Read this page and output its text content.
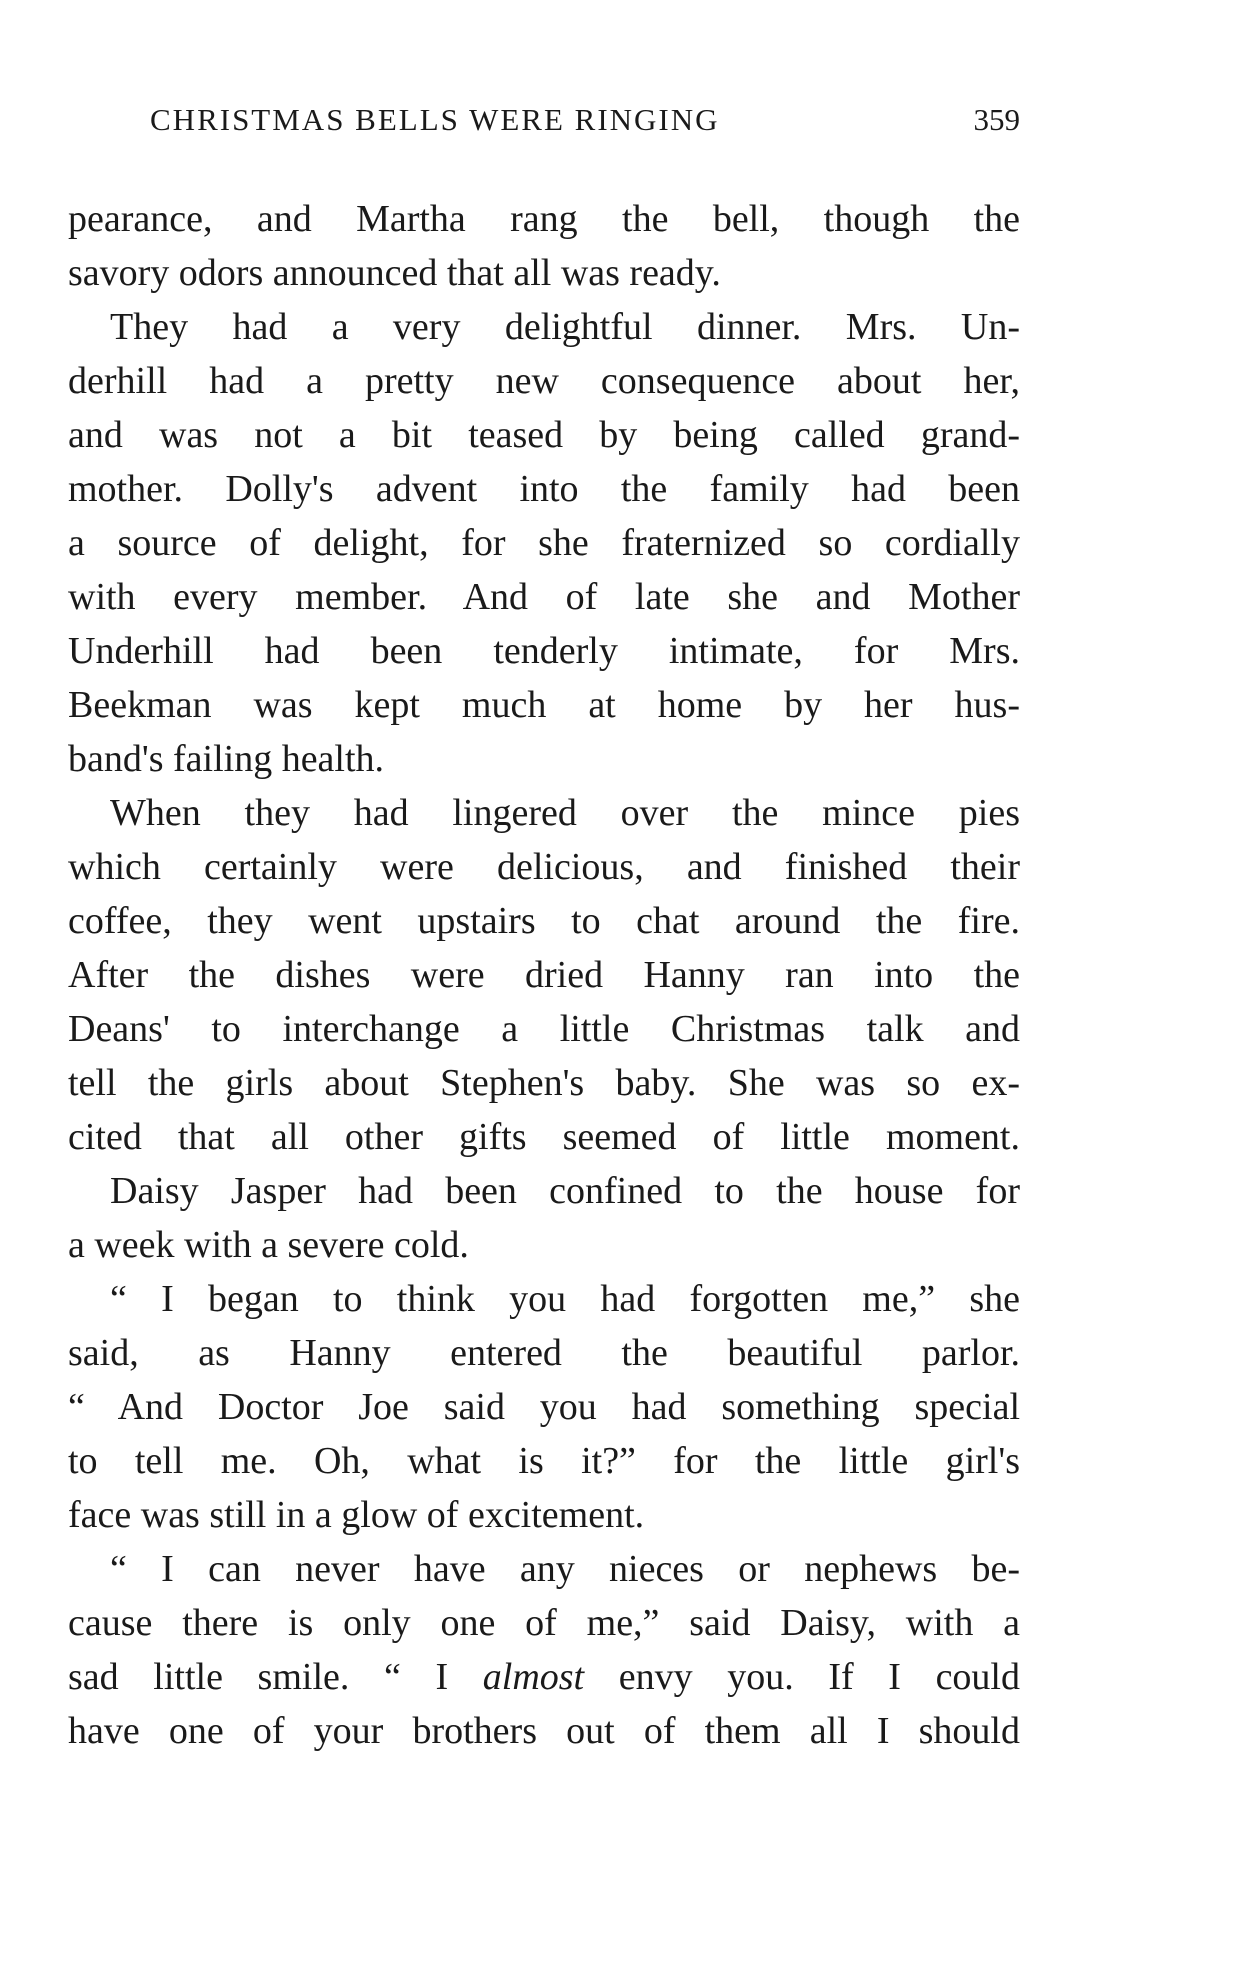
CHRISTMAS BELLS WERE RINGING	359
pearance, and Martha rang the bell, though the
savory odors announced that all was ready.
They had a very delightful dinner. Mrs. Un-
derhill had a pretty new consequence about her,
and was not a bit teased by being called grand-
mother. Dolly's advent into the family had been
a source of delight, for she fraternized so cordially
with every member. And of late she and Mother
Underhill had been tenderly intimate, for Mrs.
Beekman was kept much at home by her hus-
band's failing health.
When they had lingered over the mince pies
which certainly were delicious, and finished their
coffee, they went upstairs to chat around the fire.
After the dishes were dried Hanny ran into the
Deans' to interchange a little Christmas talk and
tell the girls about Stephen's baby. She was so ex-
cited that all other gifts seemed of little moment.
Daisy Jasper had been confined to the house for
a week with a severe cold.
“ I began to think you had forgotten me,” she
said, as Hanny entered the beautiful parlor.
“ And Doctor Joe said you had something special
to tell me. Oh, what is it?” for the little girl's
face was still in a glow of excitement.
“ I can never have any nieces or nephews be-
cause there is only one of me,” said Daisy, with a
sad little smile. “ I almost envy you. If I could
have one of your brothers out of them all I should
